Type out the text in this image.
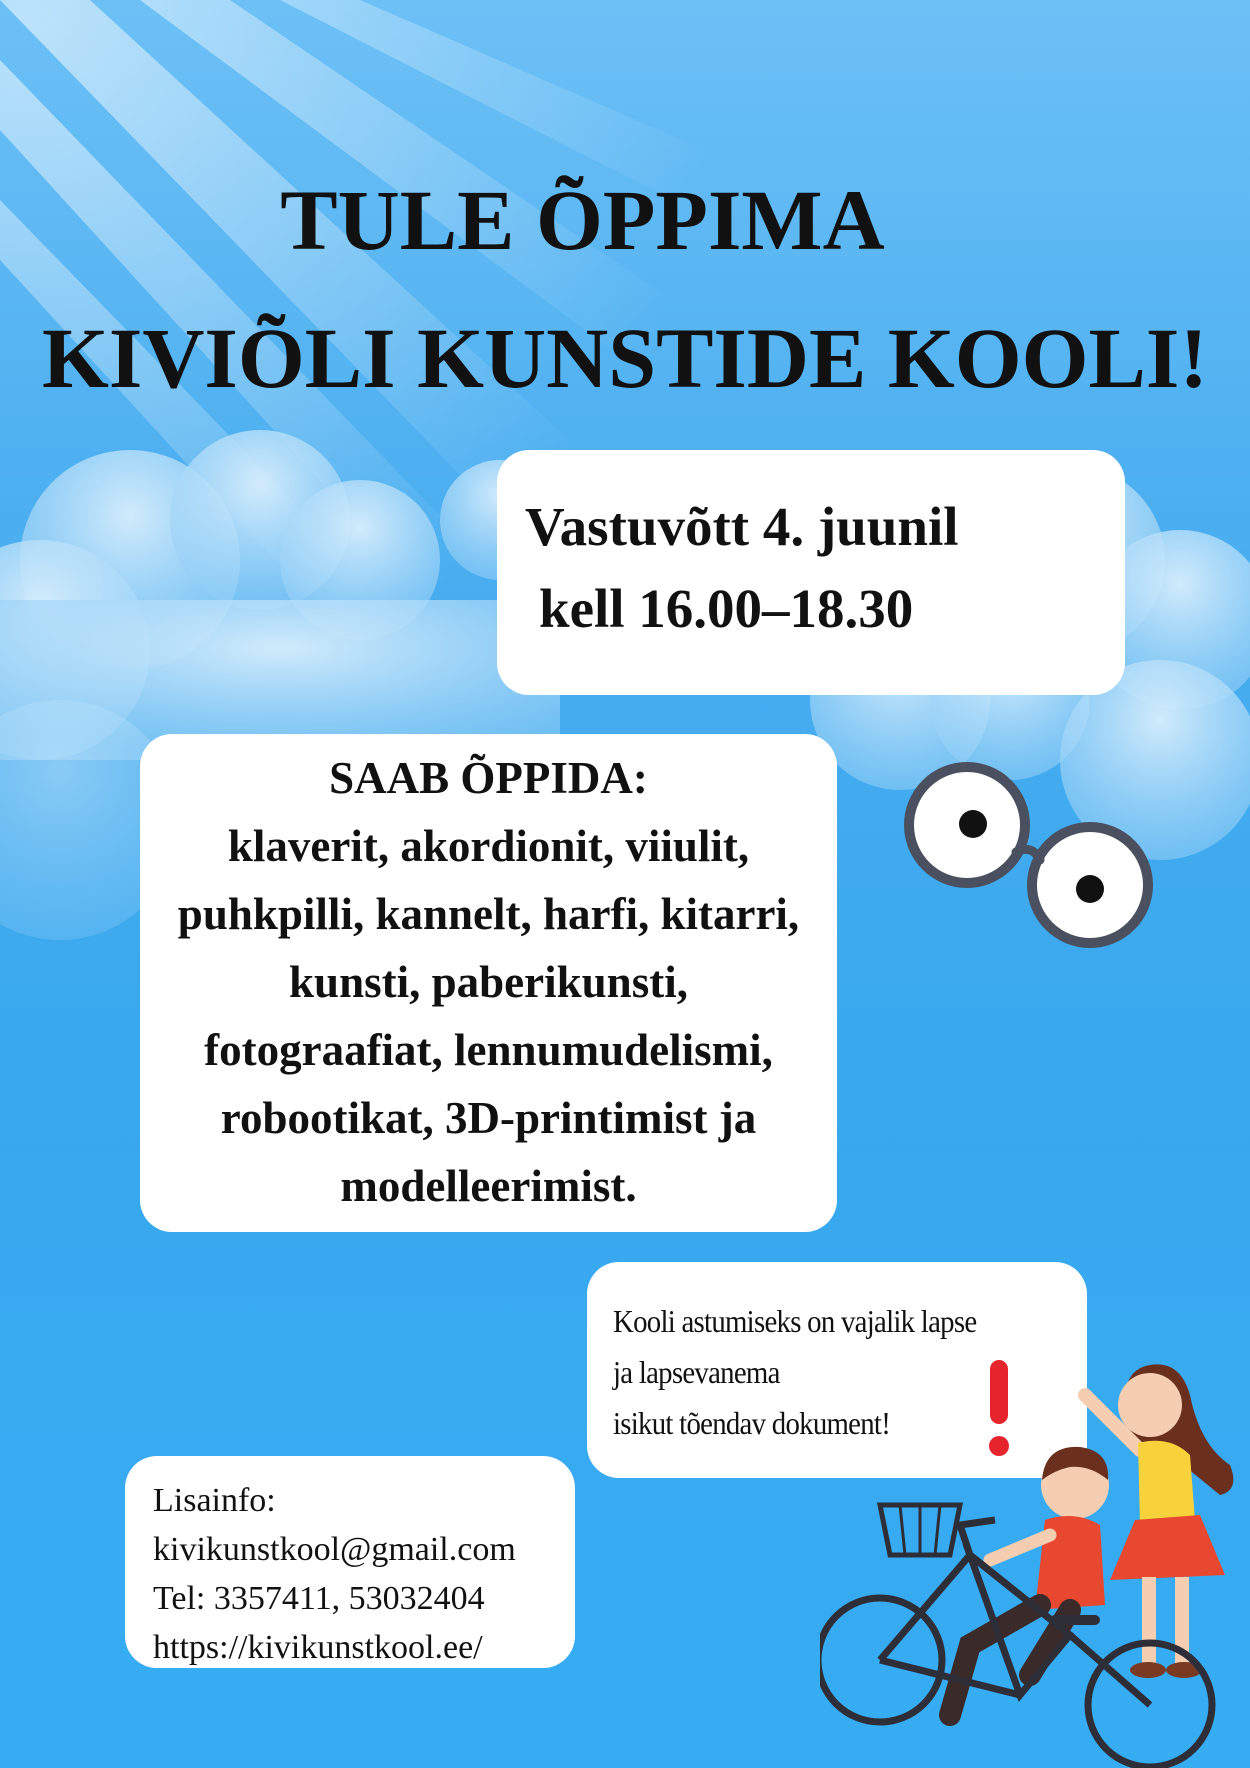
TULE ÕPPIMA
KIVIÕLI KUNSTIDE KOOLI!
Vastuvõtt 4. juunil
kell 16.00–18.30
SAAB ÕPPIDA:
klaverit, akordionit, viiulit,
puhkpilli, kannelt, harfi, kitarri,
kunsti, paberikunsti,
fotograafiat, lennumudelismi,
robootikat, 3D-printimist ja
modelleerimist.
Kooli astumiseks on vajalik lapse
ja lapsevanema
isikut tõendav dokument!
Lisainfo:
kivikunstkool@gmail.com
Tel: 3357411, 53032404
https://kivikunstkool.ee/
